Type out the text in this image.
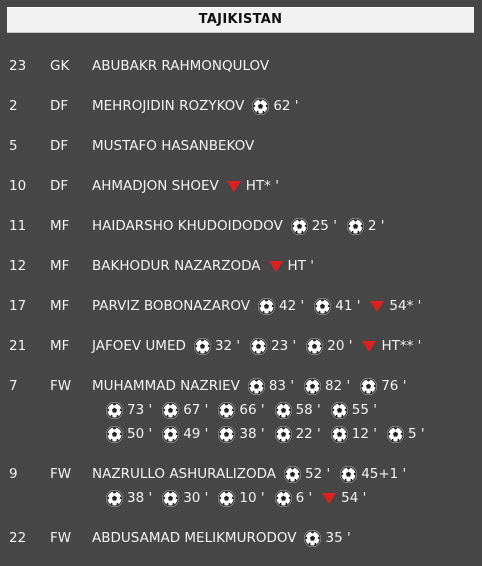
TAJIKISTAN
23 GK ABUBAKR RAHMONQULOV
2 DF MEHROJIDIN ROZYKOV 62 '
5 DF MUSTAFO HASANBEKOV
10 DF AHMADJON SHOEV HT* '
11 MF HAIDARSHO KHUDOIDODOV 25 ' 2 '
12 MF BAKHODUR NAZARZODA HT '
17 MF PARVIZ BOBONAZAROV 42 ' 41 ' 54* '
21 MF JAFOEV UMED 32 ' 23 ' 20 ' HT** '
7 FW MUHAMMAD NAZRIEV 83 ' 82 ' 76 '
73 ' 67 ' 66 ' 58 ' 55 '
50 ' 49 ' 38 ' 22 ' 12 ' 5 '
9 FW NAZRULLO ASHURALIZODA 52 ' 45+1 '
38 ' 30 ' 10 ' 6 ' 54 '
22 FW ABDUSAMAD MELIKMURODOV 35 '
